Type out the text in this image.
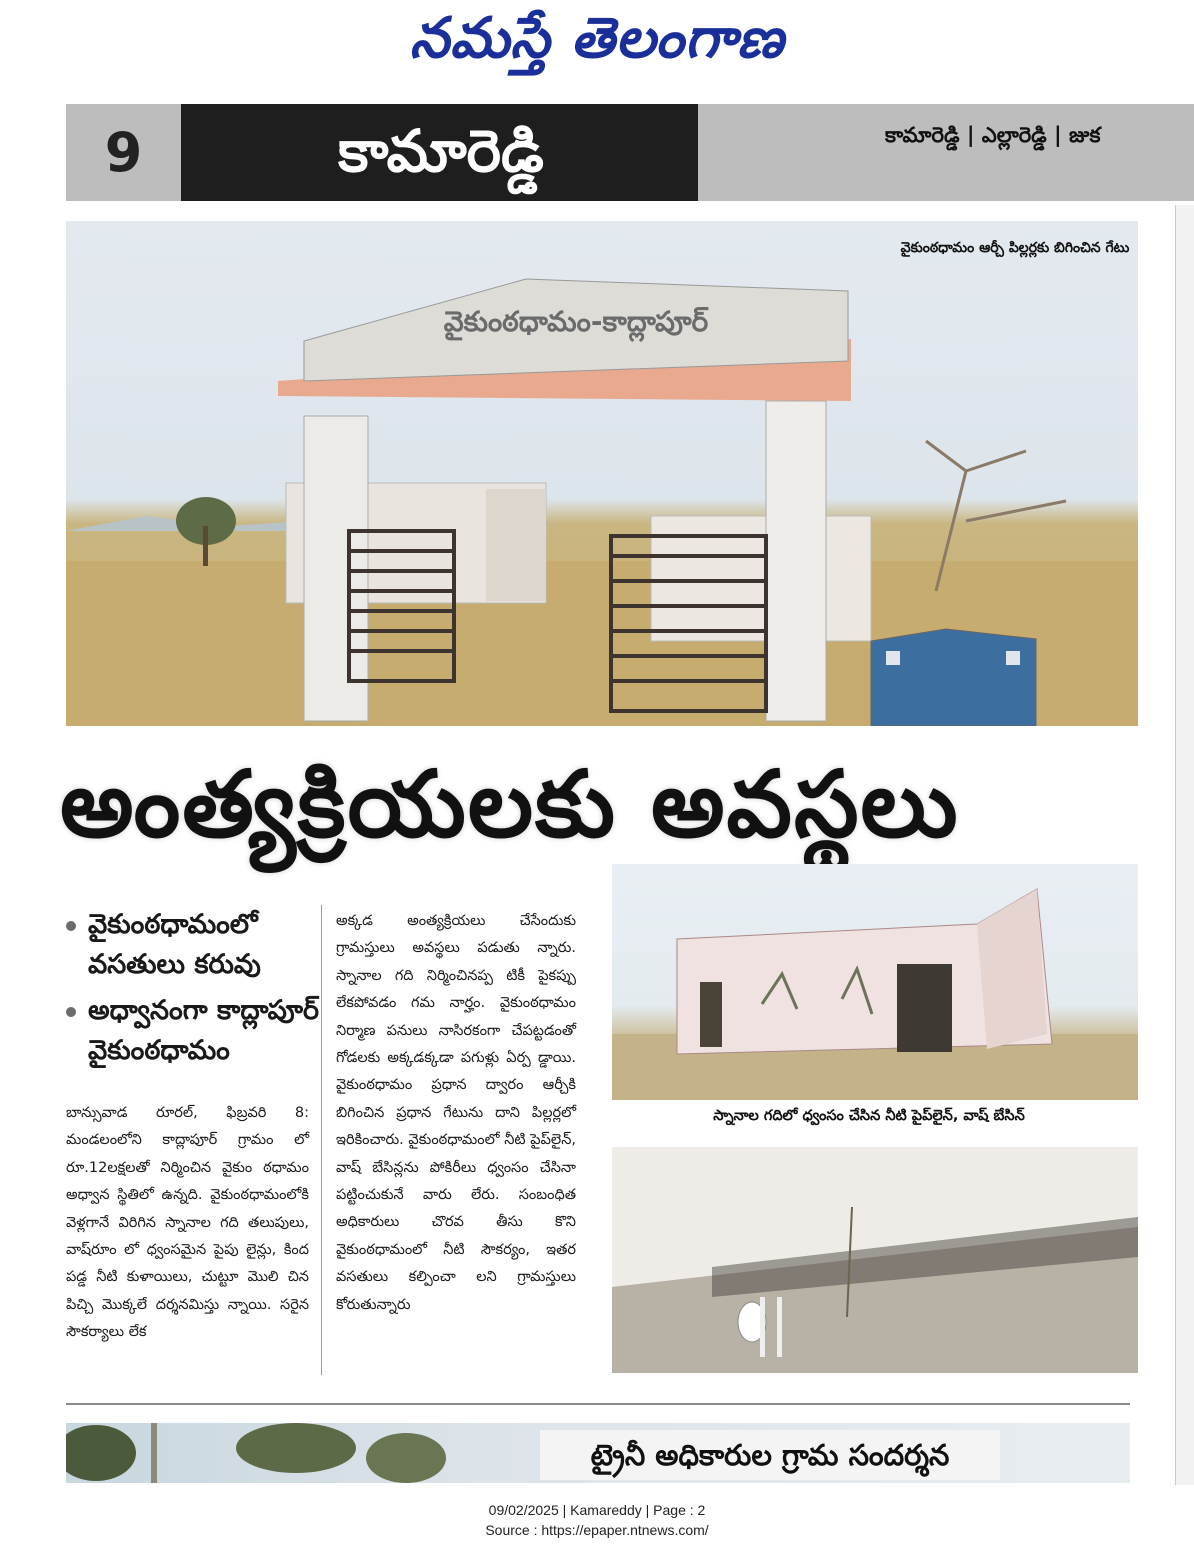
నమస్తే తెలంగాణ
9	కామారెడ్డి	కామారెడ్డి | ఎల్లారెడ్డి | జుక
వైకుంఠధామం-కాద్లాపూర్
వైకుంఠధామం ఆర్చీ పిల్లర్లకు బిగించిన గేటు
అంత్యక్రియలకు అవస్థలు
వైకుంఠధామంలో వసతులు కరువు
అధ్వానంగా కాద్లాపూర్ వైకుంఠధామం
బాన్సువాడ రూరల్, ఫిబ్రవరి 8: మండలంలోని కాద్లాపూర్ గ్రామం లో రూ.12లక్షలతో నిర్మించిన వైకుం ఠధామం అధ్వాన స్థితిలో ఉన్నది. వైకుంఠధామంలోకి వెళ్లగానే విరిగిన స్నానాల గది తలుపులు, వాష్‌రూం లో ధ్వంసమైన పైపు లైన్లు, కింద పడ్డ నీటి కుళాయిలు, చుట్టూ మొలి చిన పిచ్చి మొక్కలే దర్శనమిస్తు న్నాయి. సరైన సౌకర్యాలు లేక
అక్కడ అంత్యక్రియలు చేసేందుకు గ్రామస్తులు అవస్థలు పడుతు న్నారు. స్నానాల గది నిర్మించినప్ప టికీ పైకప్పు లేకపోవడం గమ నార్హం. వైకుంఠధామం నిర్మాణ పనులు నాసిరకంగా చేపట్టడంతో గోడలకు అక్కడక్కడా పగుళ్లు ఏర్ప డ్డాయి. వైకుంఠధామం ప్రధాన ద్వారం ఆర్చీకి బిగించిన ప్రధాన గేటును దాని పిల్లర్లలో ఇరికించారు. వైకుంఠధామంలో నీటి పైప్‌లైన్, వాష్ బేసిన్లను పోకిరీలు ధ్వంసం చేసినా పట్టించుకునే వారు లేరు. సంబంధిత అధికారులు చొరవ తీసు కొని వైకుంఠధామంలో నీటి సౌకర్యం, ఇతర వసతులు కల్పించా లని గ్రామస్తులు కోరుతున్నారు
స్నానాల గదిలో ధ్వంసం చేసిన నీటి పైప్‌లైన్, వాష్ బేసిన్
ట్రైనీ అధికారుల గ్రామ సందర్శన
09/02/2025 | Kamareddy | Page : 2
Source : https://epaper.ntnews.com/
